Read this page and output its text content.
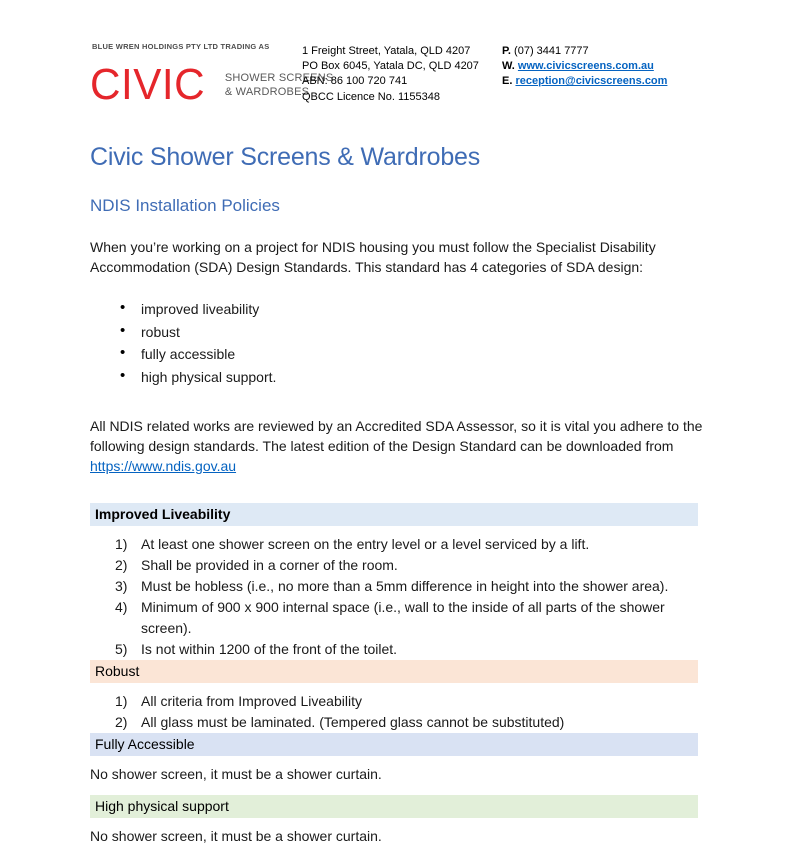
BLUE WREN HOLDINGS PTY LTD TRADING AS
CIVIC SHOWER SCREENS
& WARDROBES
1 Freight Street, Yatala, QLD 4207
PO Box 6045, Yatala DC, QLD 4207
ABN: 86 100 720 741
QBCC Licence No. 1155348
P. (07) 3441 7777
W. www.civicscreens.com.au
E. reception@civicscreens.com
Civic Shower Screens & Wardrobes
NDIS Installation Policies

When you’re working on a project for NDIS housing you must follow the Specialist Disability Accommodation (SDA) Design Standards. This standard has 4 categories of SDA design:

• improved liveability
• robust
• fully accessible
• high physical support.

All NDIS related works are reviewed by an Accredited SDA Assessor, so it is vital you adhere to the following design standards. The latest edition of the Design Standard can be downloaded from https://www.ndis.gov.au

Improved Liveability
At least one shower screen on the entry level or a level serviced by a lift.
Shall be provided in a corner of the room.
Must be hobless (i.e., no more than a 5mm difference in height into the shower area).
Minimum of 900 x 900 internal space (i.e., wall to the inside of all parts of the shower screen).
Is not within 1200 of the front of the toilet.
Robust
All criteria from Improved Liveability
All glass must be laminated. (Tempered glass cannot be substituted)
Fully Accessible

No shower screen, it must be a shower curtain.

High physical support

No shower screen, it must be a shower curtain.
